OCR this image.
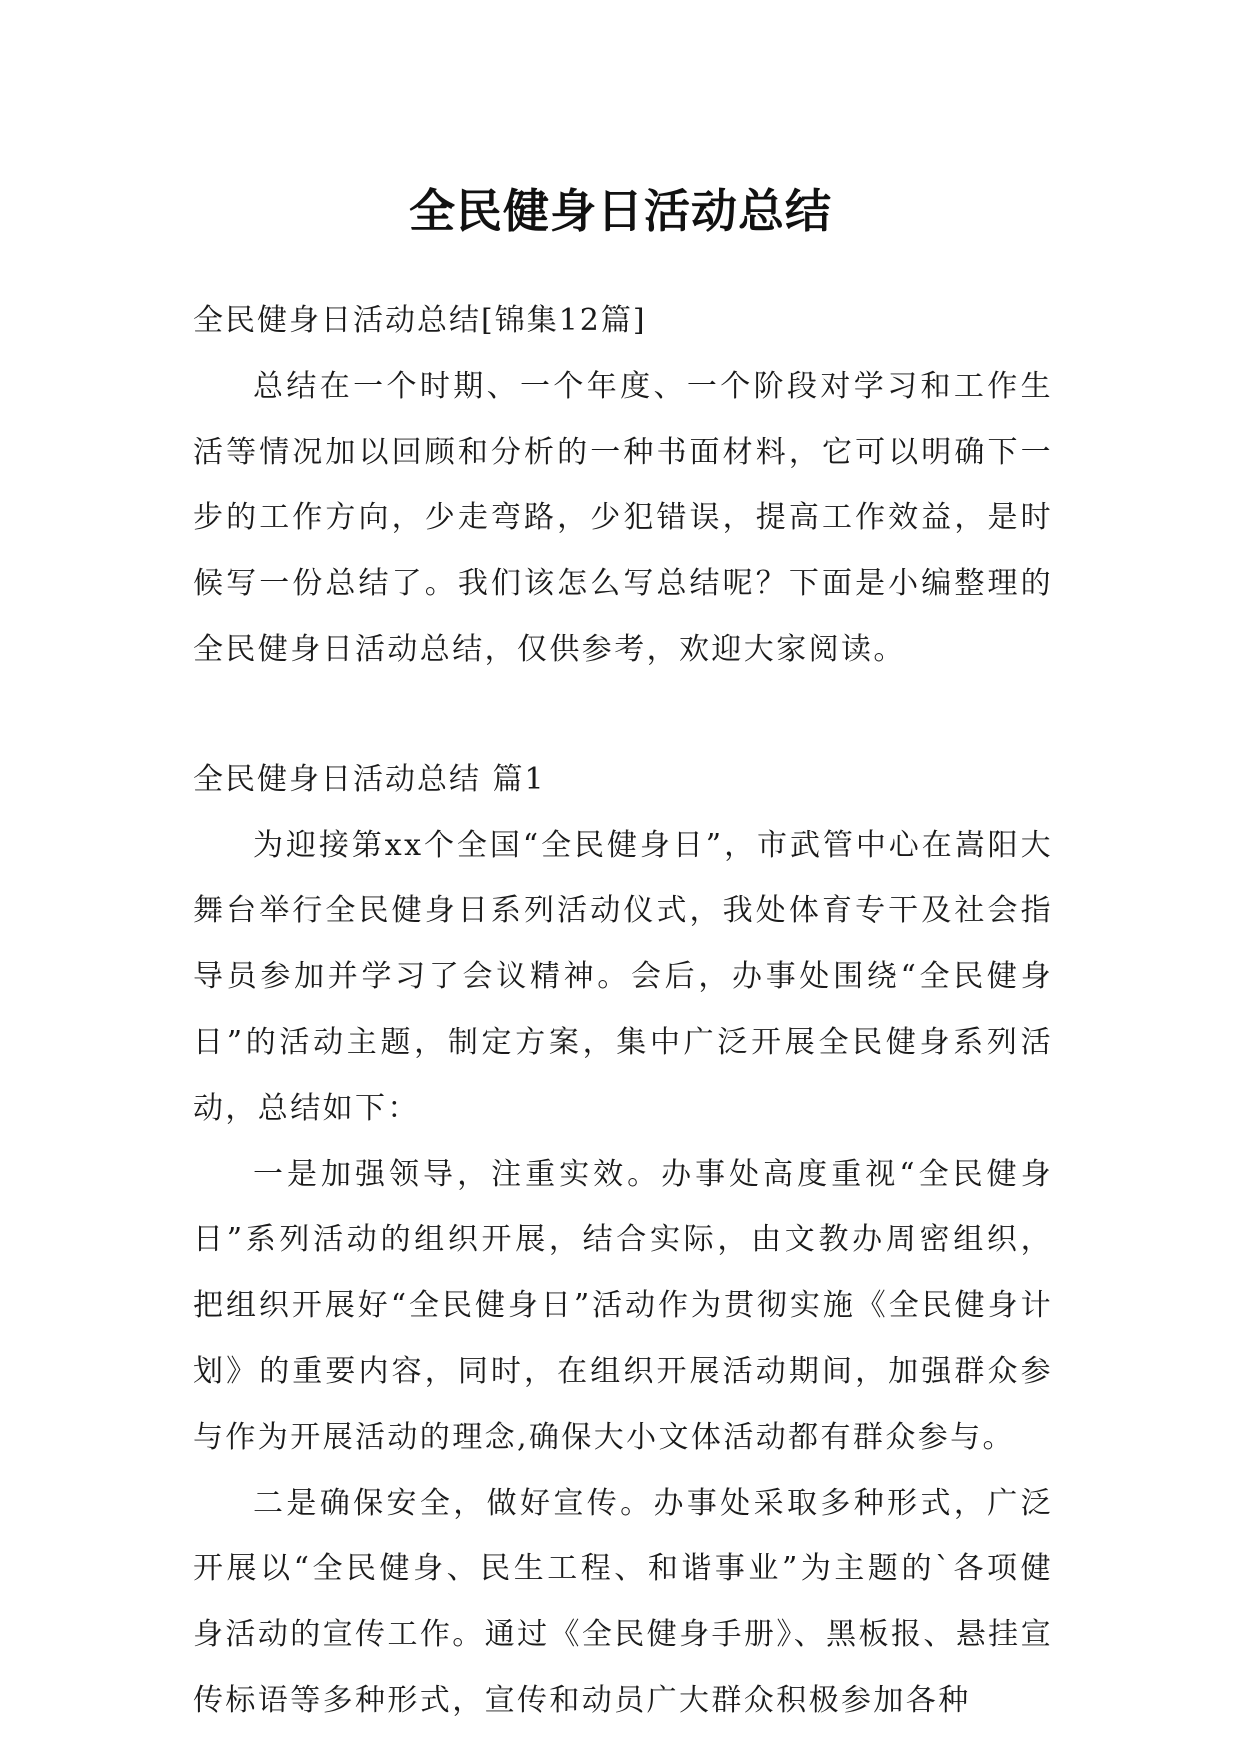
全民健身日活动总结

全民健身日活动总结[锦集12篇]

总结在一个时期、一个年度、一个阶段对学习和工作生活等情况加以回顾和分析的一种书面材料，它可以明确下一步的工作方向，少走弯路，少犯错误，提高工作效益，是时候写一份总结了。我们该怎么写总结呢？下面是小编整理的全民健身日活动总结，仅供参考，欢迎大家阅读。

全民健身日活动总结 篇1

为迎接第xx个全国“全民健身日”，市武管中心在嵩阳大舞台举行全民健身日系列活动仪式，我处体育专干及社会指导员参加并学习了会议精神。会后，办事处围绕“全民健身日”的活动主题，制定方案，集中广泛开展全民健身系列活动，总结如下：

一是加强领导，注重实效。办事处高度重视“全民健身日”系列活动的组织开展，结合实际，由文教办周密组织，把组织开展好“全民健身日”活动作为贯彻实施《全民健身计划》的重要内容，同时，在组织开展活动期间，加强群众参与作为开展活动的理念,确保大小文体活动都有群众参与。

二是确保安全，做好宣传。办事处采取多种形式，广泛开展以“全民健身、民生工程、和谐事业”为主题的`各项健身活动的宣传工作。通过《全民健身手册》、黑板报、悬挂宣传标语等多种形式，宣传和动员广大群众积极参加各种
